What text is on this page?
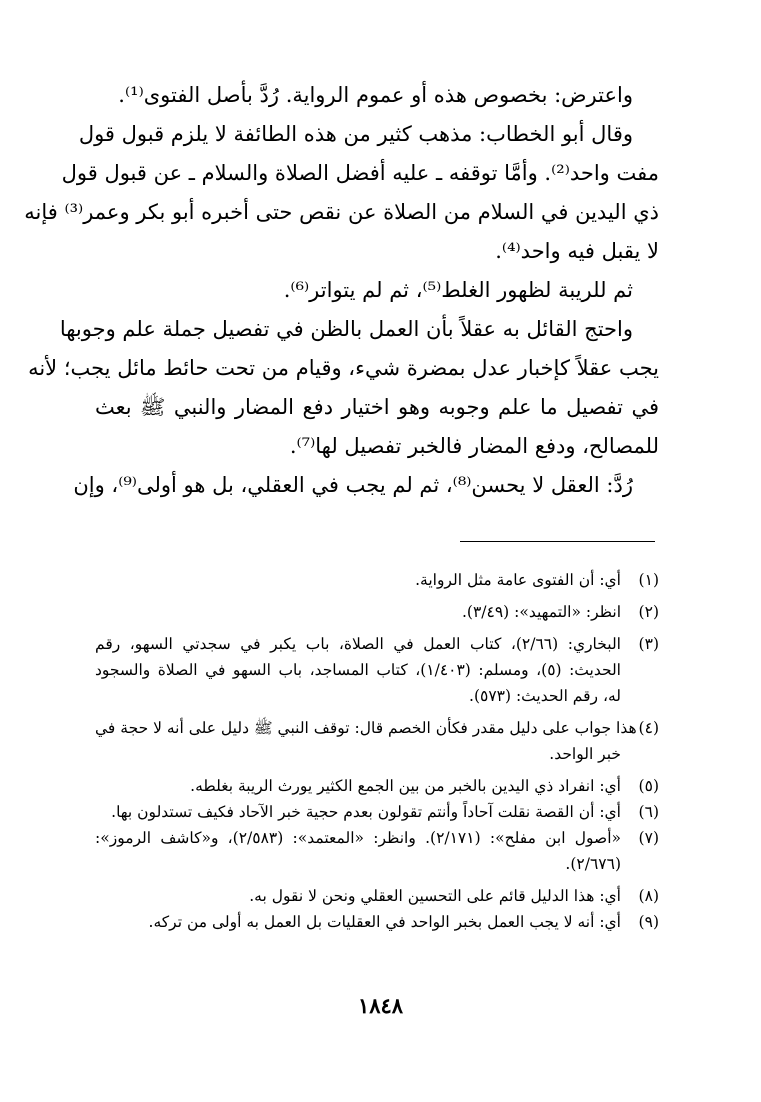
واعترض: بخصوص هذه أو عموم الرواية. رُدَّ بأصل الفتوى⁽¹⁾.
وقال أبو الخطاب: مذهب كثير من هذه الطائفة لا يلزم قبول قول
مفت واحد⁽²⁾. وأمَّا توقفه ـ عليه أفضل الصلاة والسلام ـ عن قبول قول
ذي اليدين في السلام من الصلاة عن نقص حتى أخبره أبو بكر وعمر⁽³⁾ فإنه
لا يقبل فيه واحد⁽⁴⁾.
ثم للريبة لظهور الغلط⁽⁵⁾، ثم لم يتواتر⁽⁶⁾.
واحتج القائل به عقلاً بأن العمل بالظن في تفصيل جملة علم وجوبها
يجب عقلاً كإخبار عدل بمضرة شيء، وقيام من تحت حائط مائل يجب؛ لأنه
في تفصيل ما علم وجوبه وهو اختيار دفع المضار والنبي ﷺ بعث
للمصالح، ودفع المضار فالخبر تفصيل لها⁽⁷⁾.
رُدَّ: العقل لا يحسن⁽⁸⁾، ثم لم يجب في العقلي، بل هو أولى⁽⁹⁾، وإن
(١)أي: أن الفتوى عامة مثل الرواية.
(٢)انظر: «التمهيد»: (٣/٤٩).
(٣)
البخاري: (٢/٦٦)، كتاب العمل في الصلاة، باب يكبر في سجدتي السهو، رقم
الحديث: (٥)، ومسلم: (١/٤٠٣)، كتاب المساجد، باب السهو في الصلاة والسجود
له، رقم الحديث: (٥٧٣).
(٤)
هذا جواب على دليل مقدر فكأن الخصم قال: توقف النبي ﷺ دليل على أنه لا حجة في
خبر الواحد.
(٥)أي: انفراد ذي اليدين بالخبر من بين الجمع الكثير يورث الريبة بغلطه.
(٦)أي: أن القصة نقلت آحاداً وأنتم تقولون بعدم حجية خبر الآحاد فكيف تستدلون بها.
(٧)
«أصول ابن مفلح»: (٢/١٧١). وانظر: «المعتمد»: (٢/٥٨٣)، و«كاشف الرموز»:
(٢/٦٧٦).
(٨)أي: هذا الدليل قائم على التحسين العقلي ونحن لا نقول به.
(٩)أي: أنه لا يجب العمل بخبر الواحد في العقليات بل العمل به أولى من تركه.
١٨٤٨
